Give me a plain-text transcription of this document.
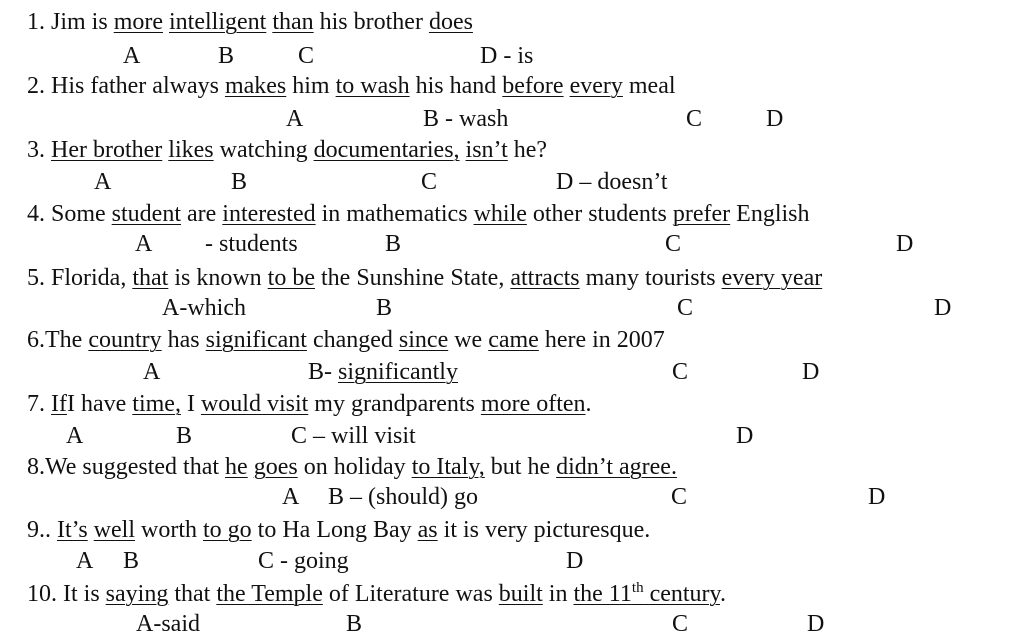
1. Jim is more intelligent than his brother does
A	B	C	D - is
2. His father always makes him to wash his hand before every meal
A	B - wash	C	D
3. Her brother likes watching documentaries, isn’t he?
A	B	C	D – doesn’t
4. Some student are interested in mathematics while other students prefer English
A - students	B	C	D
5. Florida, that is known to be the Sunshine State, attracts many tourists every year
A-which	B	C	D
6.The country has significant changed since we came here in 2007
A	B- significantly	C	D
7. IfI have time, I would visit my grandparents more often.
A	B	C – will visit	D
8.We suggested that he goes on holiday to Italy, but he didn’t agree.
A B – (should) go	C	D
9.. It’s well worth to go to Ha Long Bay as it is very picturesque.
A B	C - going	D
10. It is saying that the Temple of Literature was built in the 11th century.
A-said	B	C	D
